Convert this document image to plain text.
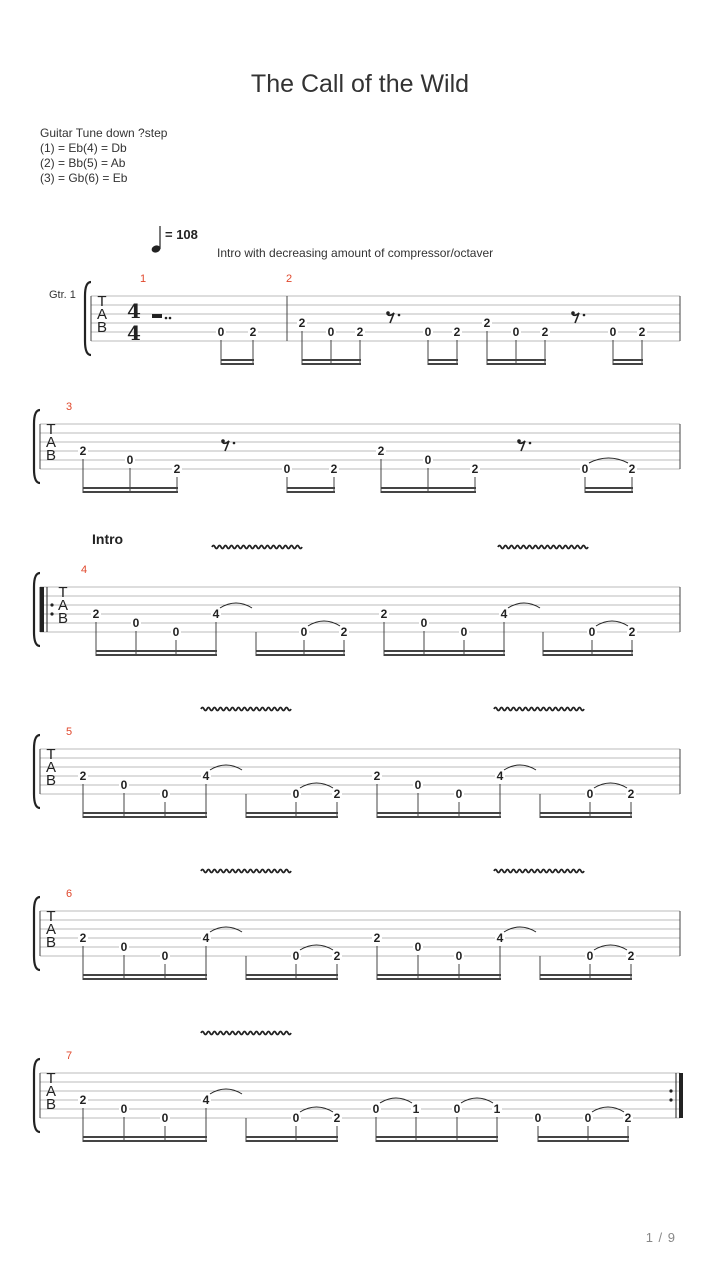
The Call of the Wild
Guitar Tune down ?step
(1) = Eb(4) = Db
(2) = Bb(5) = Ab
(3) = Gb(6) = Eb
= 108
Intro with decreasing amount of compressor/octaver
Gtr. 1
Intro
T
A
B
1	2
0 2
2
0 2	0 2
2
0 2	0 2
T
A
B
3
2
0
2	0	2
2
0
2	0	2
T
A
B
4
2
0
0
4
0	2
2
0
0
4
0	2
T
A
B
5
2
0
0
4
0	2
2
0
0
4
0	2
T
A
B
6
2
0
0
4
0	2
2
0
0
4
0	2
T
A
B
7
2
0
0
4
0	2
0	1	0	1
0	0	2
4
4
1 / 9
